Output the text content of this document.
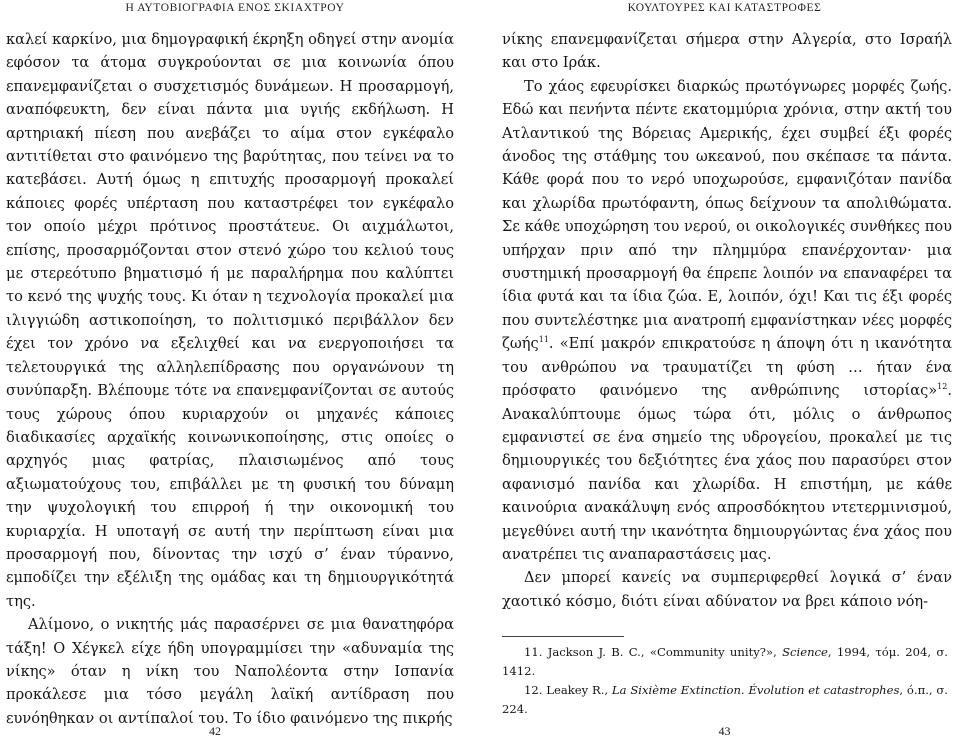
Η ΑΥΤΟΒΙΟΓΡΑΦΙΑ ΕΝΟΣ ΣΚΙΑΧΤΡΟΥ

καλεί καρκίνο, μια δημογραφική έκρηξη οδηγεί στην ανομία εφόσον τα άτομα συγκρούονται σε μια κοινωνία όπου επανεμφανίζεται ο συσχετισμός δυνάμεων. Η προσαρμογή, αναπόφευκτη, δεν είναι πάντα μια υγιής εκδήλωση. Η αρτηριακή πίεση που ανεβάζει το αίμα στον εγκέφαλο αντιτίθεται στο φαινόμενο της βαρύτητας, που τείνει να το κατεβάσει. Αυτή όμως η επιτυχής προσαρμογή προκαλεί κάποιες φορές υπέρταση που καταστρέφει τον εγκέφαλο τον οποίο μέχρι πρότινος προστάτευε. Οι αιχμάλωτοι, επίσης, προσαρμόζονται στον στενό χώρο του κελιού τους με στερεότυπο βηματισμό ή με παραλήρημα που καλύπτει το κενό της ψυχής τους. Κι όταν η τεχνολογία προκαλεί μια ιλιγγιώδη αστικοποίηση, το πολιτισμικό περιβάλλον δεν έχει τον χρόνο να εξελιχθεί και να ενεργοποιήσει τα τελετουργικά της αλληλεπίδρασης που οργανώνουν τη συνύπαρξη. Βλέπουμε τότε να επανεμφανίζονται σε αυτούς τους χώρους όπου κυριαρχούν οι μηχανές κάποιες διαδικασίες αρχαϊκής κοινωνικοποίησης, στις οποίες ο αρχηγός μιας φατρίας, πλαισιωμένος από τους αξιωματούχους του, επιβάλλει με τη φυσική του δύναμη την ψυχολογική του επιρροή ή την οικονομική του κυριαρχία. Η υποταγή σε αυτή την περίπτωση είναι μια προσαρμογή που, δίνοντας την ισχύ σ’ έναν τύραννο, εμποδίζει την εξέλιξη της ομάδας και τη δημιουργικότητά της.

Αλίμονο, ο νικητής μάς παρασέρνει σε μια θανατηφόρα τάξη! Ο Χέγκελ είχε ήδη υπογραμμίσει την «αδυναμία της νίκης» όταν η νίκη του Ναπολέοντα στην Ισπανία προκάλεσε μια τόσο μεγάλη λαϊκή αντίδραση που ευνόηθηκαν οι αντίπαλοί του. Το ίδιο φαινόμενο της πικρής

42
ΚΟΥΛΤΟΥΡΕΣ ΚΑΙ ΚΑΤΑΣΤΡΟΦΕΣ

νίκης επανεμφανίζεται σήμερα στην Αλγερία, στο Ισραήλ και στο Ιράκ.

Το χάος εφευρίσκει διαρκώς πρωτόγνωρες μορφές ζωής. Εδώ και πενήντα πέντε εκατομμύρια χρόνια, στην ακτή του Ατλαντικού της Βόρειας Αμερικής, έχει συμβεί έξι φορές άνοδος της στάθμης του ωκεανού, που σκέπασε τα πάντα. Κάθε φορά που το νερό υποχωρούσε, εμφανιζόταν πανίδα και χλωρίδα πρωτόφαντη, όπως δείχνουν τα απολιθώματα. Σε κάθε υποχώρηση του νερού, οι οικολογικές συνθήκες που υπήρχαν πριν από την πλημμύρα επανέρχονταν· μια συστημική προσαρμογή θα έπρεπε λοιπόν να επαναφέρει τα ίδια φυτά και τα ίδια ζώα. Ε, λοιπόν, όχι! Και τις έξι φορές που συντελέστηκε μια ανατροπή εμφανίστηκαν νέες μορφές ζωής$^{11}$. «Επί μακρόν επικρατούσε η άποψη ότι η ικανότητα του ανθρώπου να τραυματίζει τη φύση … ήταν ένα πρόσφατο φαινόμενο της ανθρώπινης ιστορίας»$^{12}$. Ανακαλύπτουμε όμως τώρα ότι, μόλις ο άνθρωπος εμφανιστεί σε ένα σημείο της υδρογείου, προκαλεί με τις δημιουργικές του δεξιότητες ένα χάος που παρασύρει στον αφανισμό πανίδα και χλωρίδα. Η επιστήμη, με κάθε καινούρια ανακάλυψη ενός απροσδόκητου ντετερμινισμού, μεγεθύνει αυτή την ικανότητα δημιουργώντας ένα χάος που ανατρέπει τις αναπαραστάσεις μας.

Δεν μπορεί κανείς να συμπεριφερθεί λογικά σ’ έναν χαοτικό κόσμο, διότι είναι αδύνατον να βρει κάποιο νόη-

11. Jackson J. B. C., «Community unity?», Science, 1994, τόμ. 204, σ. 1412.

12. Leakey R., La Sixième Extinction. Évolution et catastrophes, ό.π., σ. 224.

43
